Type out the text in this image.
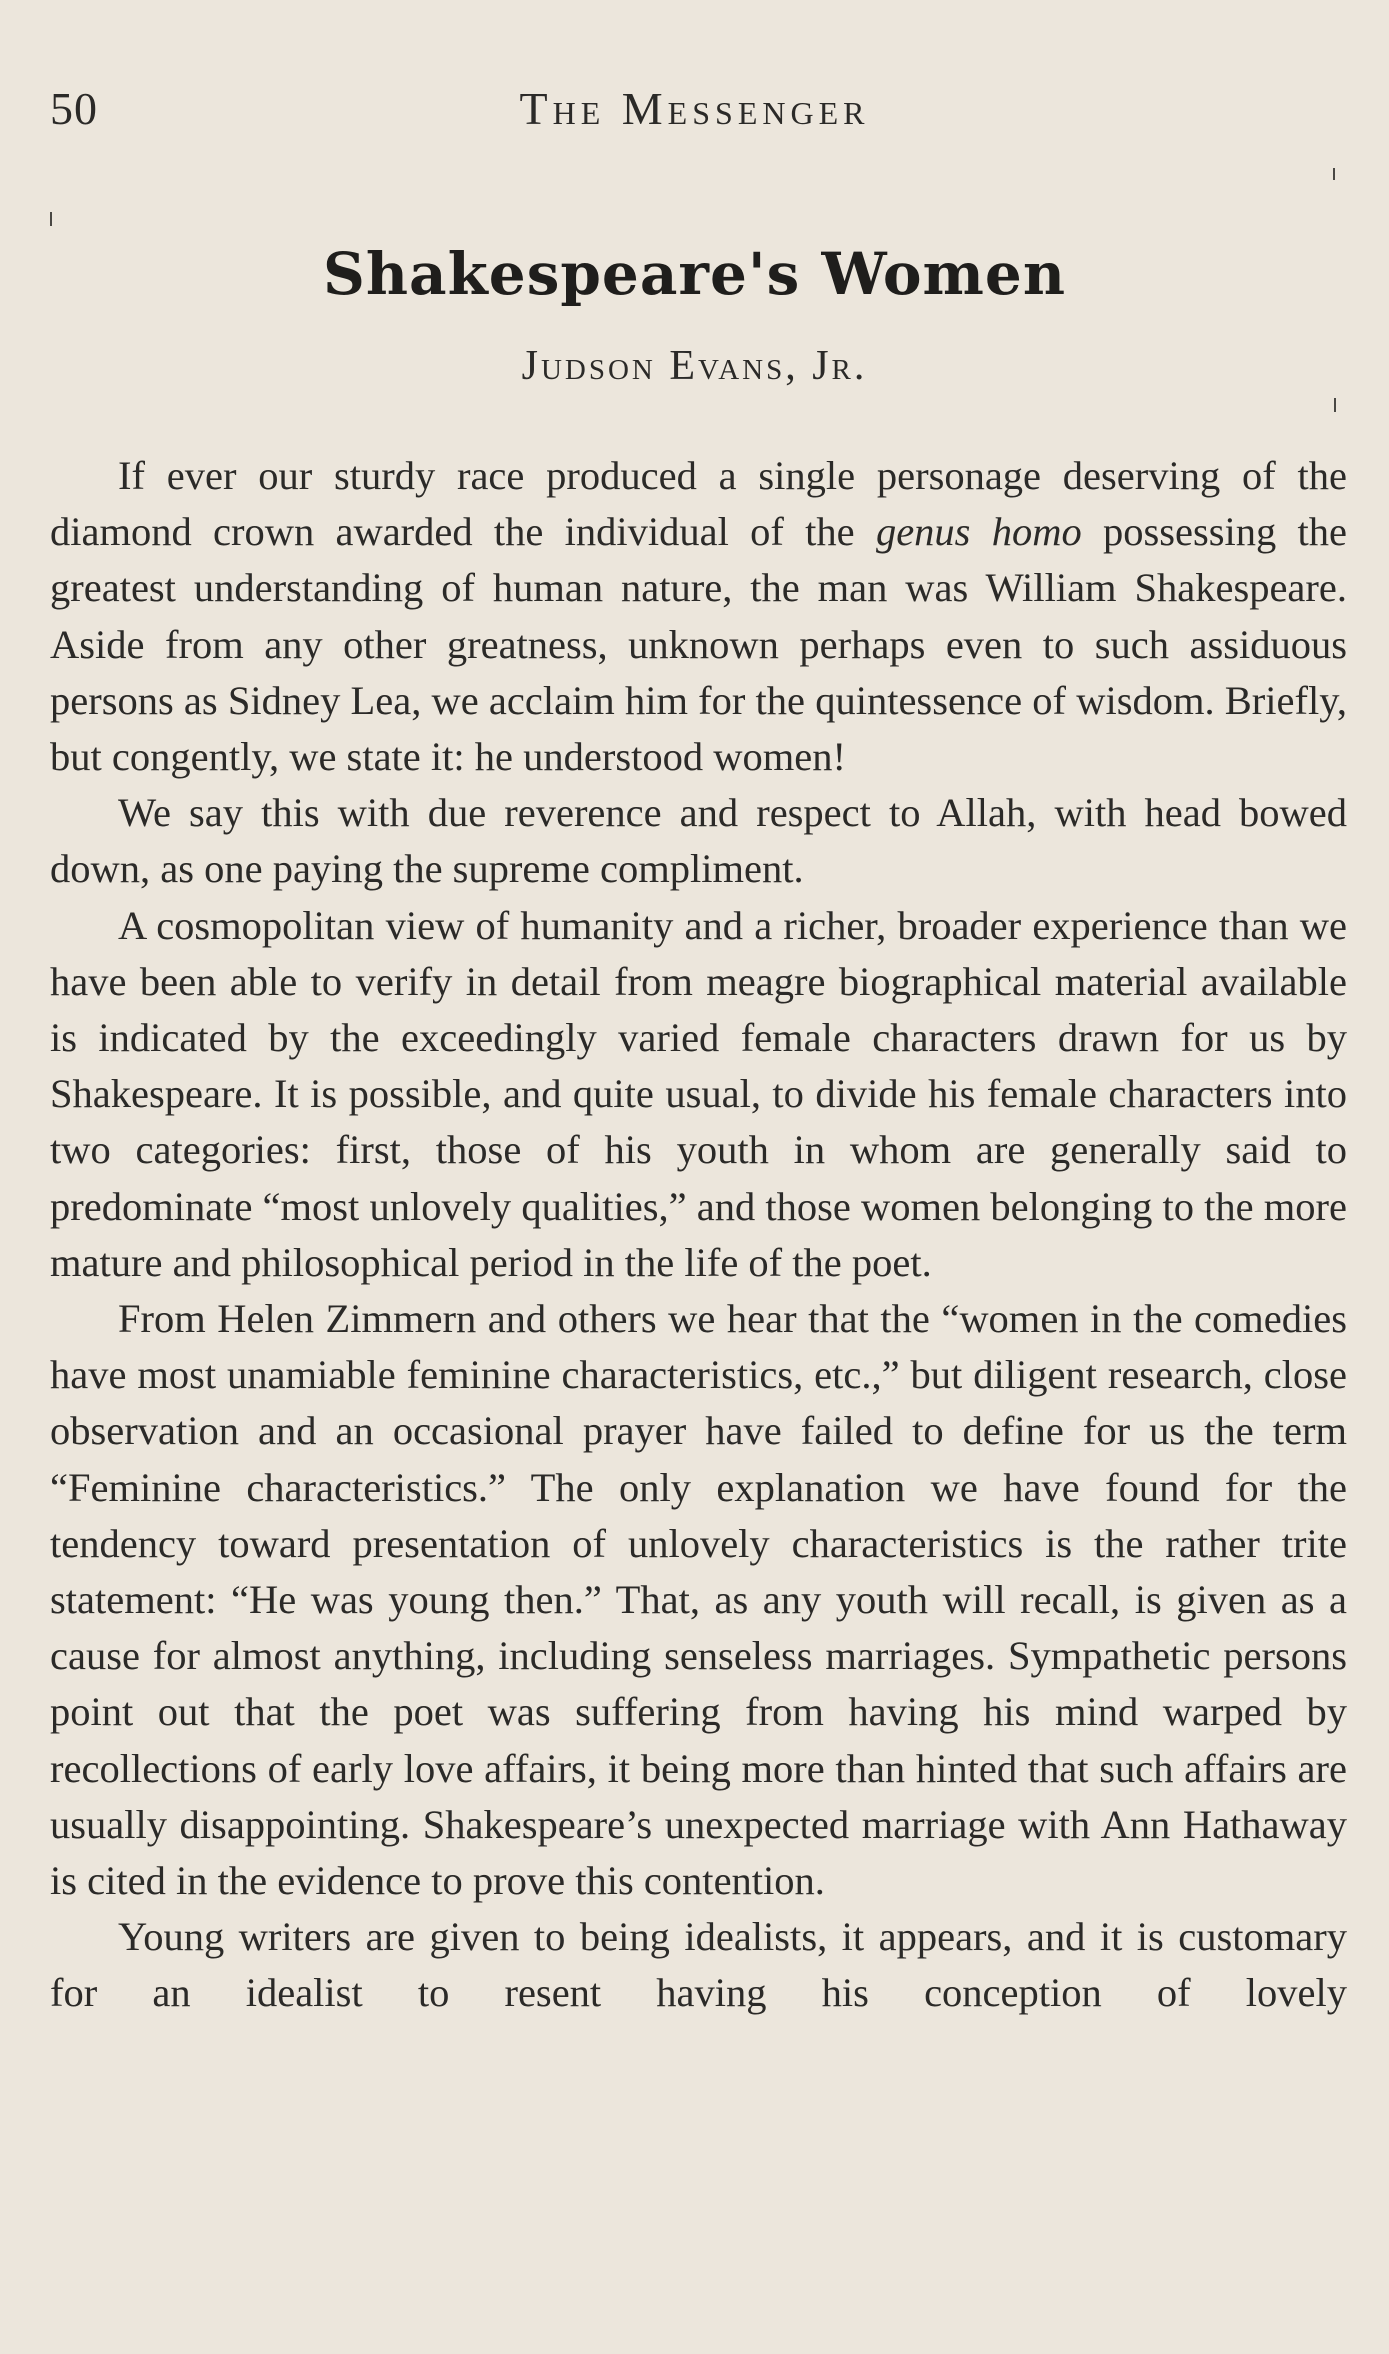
50	The Messenger
Shakespeare's Women
Judson Evans, Jr.

If ever our sturdy race produced a single personage deserving of the diamond crown awarded the individual of the genus homo possessing the greatest understanding of human nature, the man was William Shakespeare. Aside from any other greatness, unknown perhaps even to such assiduous persons as Sidney Lea, we acclaim him for the quintessence of wisdom. Briefly, but congently, we state it: he understood women!

We say this with due reverence and respect to Allah, with head bowed down, as one paying the supreme compliment.

A cosmopolitan view of humanity and a richer, broader experience than we have been able to verify in detail from meagre biographical material available is indicated by the exceedingly varied female characters drawn for us by Shakespeare. It is possible, and quite usual, to divide his female characters into two categories: first, those of his youth in whom are generally said to predominate “most unlovely qualities,” and those women belonging to the more mature and philosophical period in the life of the poet.

From Helen Zimmern and others we hear that the “women in the comedies have most unamiable feminine characteristics, etc.,” but diligent research, close observation and an occasional prayer have failed to define for us the term “Feminine characteristics.” The only explanation we have found for the tendency toward presentation of unlovely characteristics is the rather trite statement: “He was young then.” That, as any youth will recall, is given as a cause for almost anything, including senseless marriages. Sympathetic persons point out that the poet was suffering from having his mind warped by recollections of early love affairs, it being more than hinted that such affairs are usually disappointing. Shakespeare’s unexpected marriage with Ann Hathaway is cited in the evidence to prove this contention.

Young writers are given to being idealists, it appears, and it is customary for an idealist to resent having his conception of lovely
